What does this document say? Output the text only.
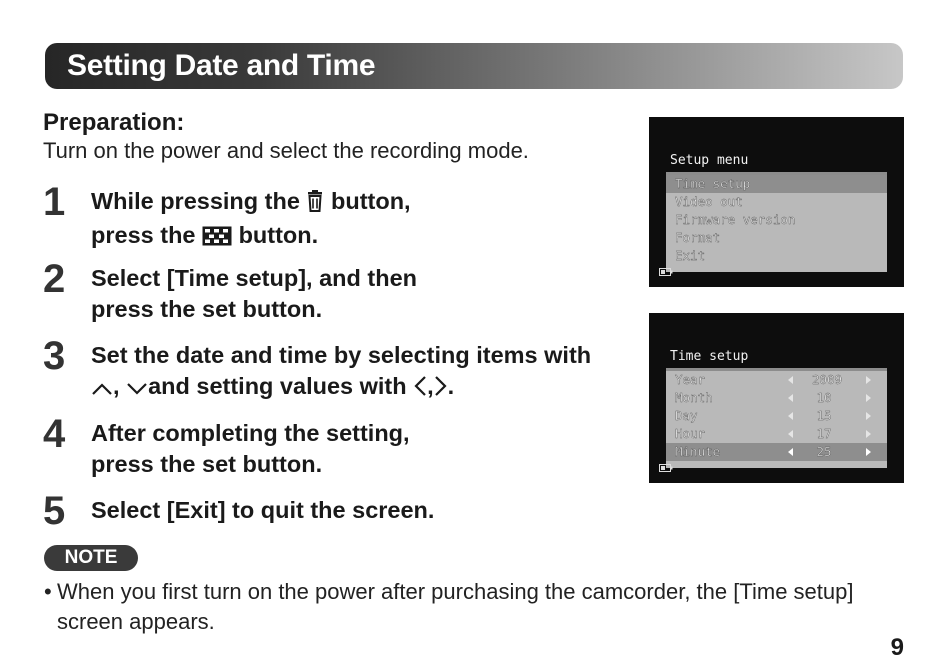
Setting Date and Time
Preparation:
Turn on the power and select the recording mode.
1 While pressing the button,
press the button.
2 Select [Time setup], and then
press the set button.
3 Set the date and time by selecting items with
, and setting values with , .
4 After completing the setting,
press the set button.
5 Select [Exit] to quit the screen.
NOTE
• When you first turn on the power after purchasing the camcorder, the [Time setup] screen appears.
9
Setup menu
Time setup
Video out
Firmware version
Format
Exit
Time setup
Year	2009
Month	10
Day	15
Hour	17
Minute	25
